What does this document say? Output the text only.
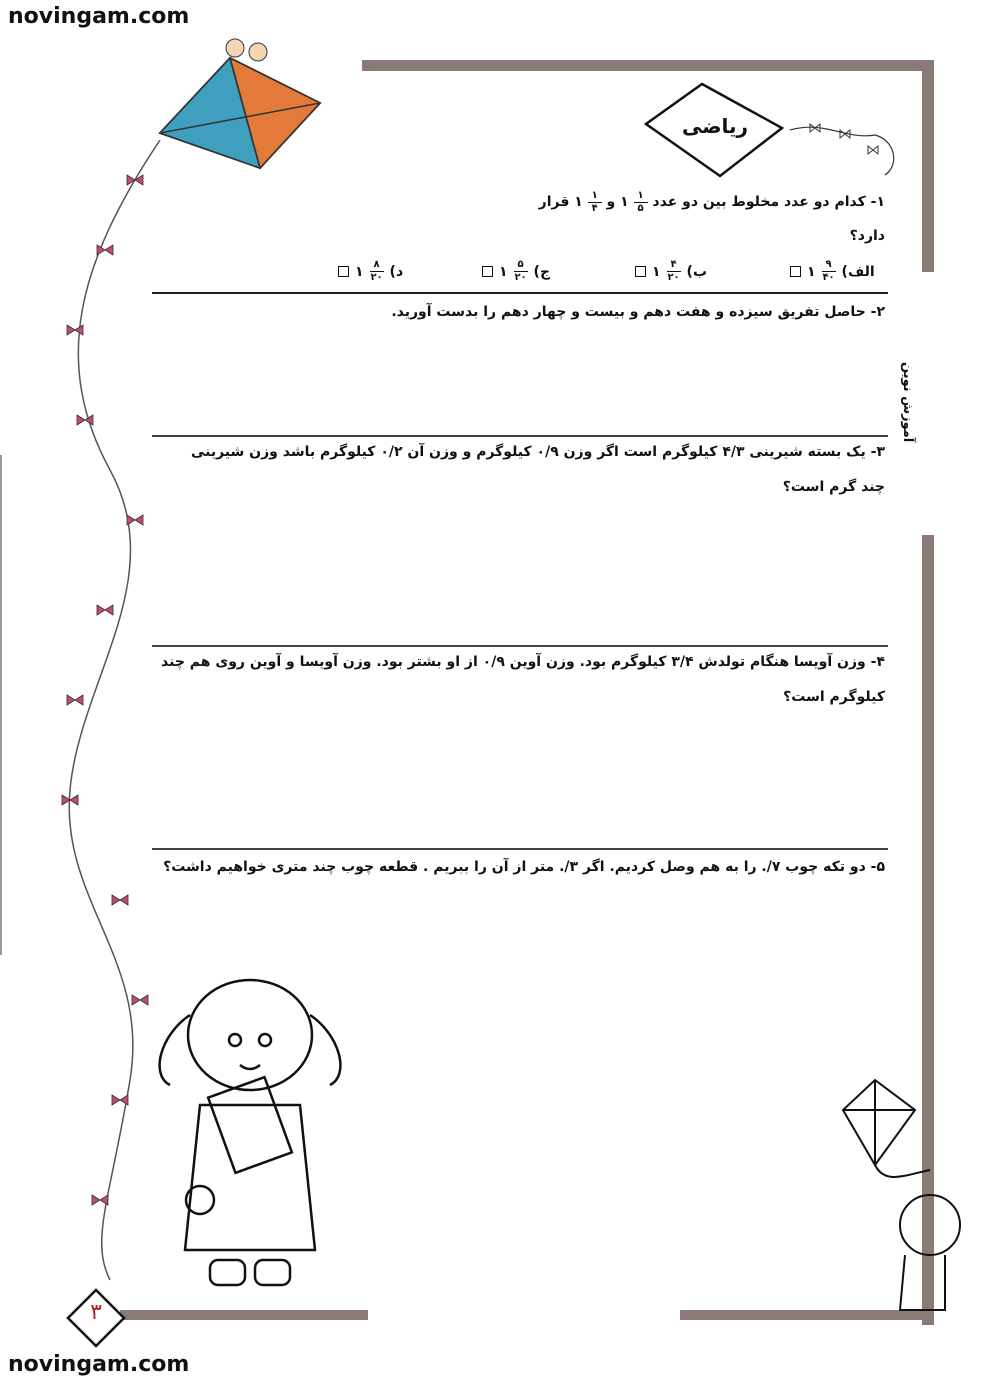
novingam.com
novingam.com
آموزش نوین
ریاضی
۱- کدام دو عدد مخلوط بین دو عدد
$\frac{۱}{۵}$
۱ و
$\frac{۱}{۴}$
۱ قرار دارد؟
الف)
$\frac{۹}{۴۰}$
۱
ب)
$\frac{۴}{۲۰}$
۱
ج)
$\frac{۵}{۲۰}$
۱
د)
$\frac{۸}{۲۰}$
۱
۲- حاصل تفریق سیزده و هفت دهم و بیست و چهار دهم را بدست آورید.
۳- یک بسته شیرینی ۴/۳ کیلوگرم است اگر وزن ۰/۹ کیلوگرم و وزن آن ۰/۲ کیلوگرم باشد وزن شیرینی
چند گرم است؟
۴- وزن آویسا هنگام تولدش ۳/۴ کیلوگرم بود. وزن آوین ۰/۹ از او بشتر بود. وزن آویسا و آوین روی هم چند
کیلوگرم است؟
۵- دو تکه چوب ۷/. را به هم وصل کردیم. اگر ۳/. متر از آن را ببریم . قطعه چوب چند متری خواهیم داشت؟
۳
